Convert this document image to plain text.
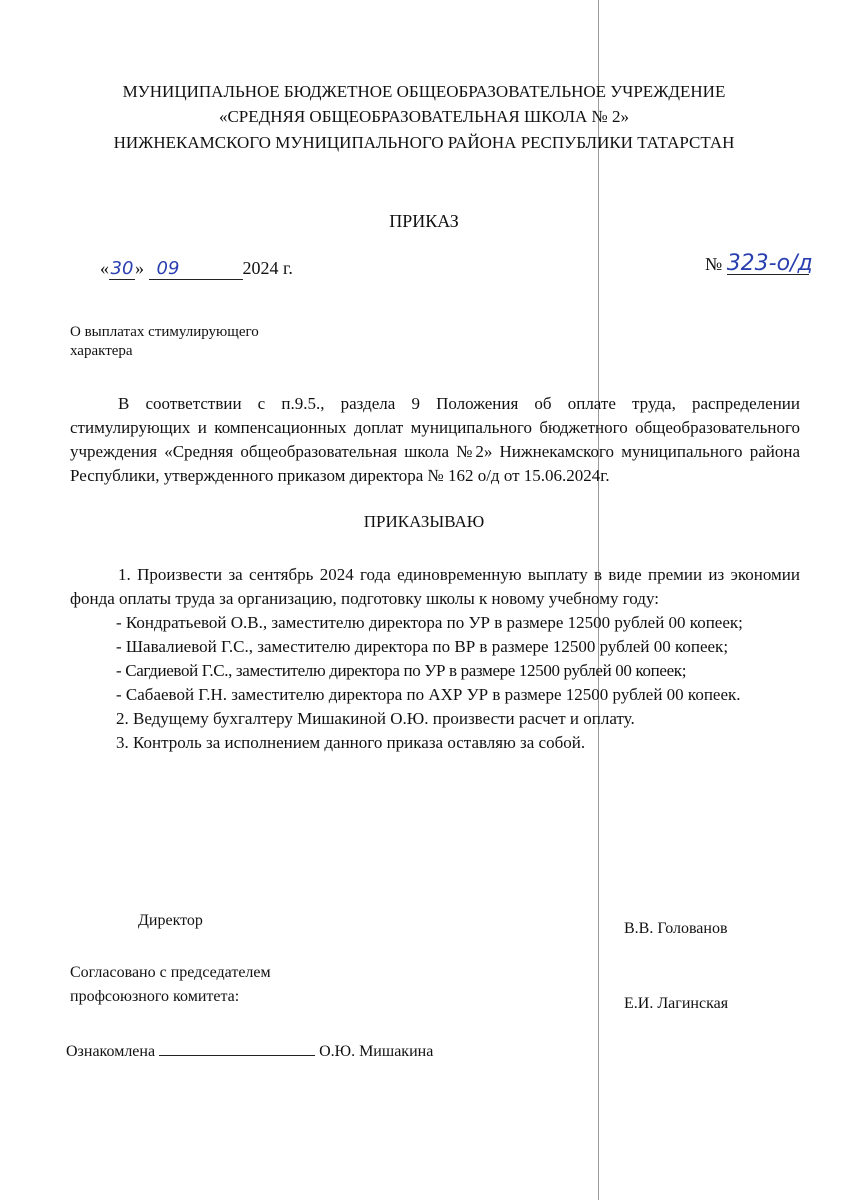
МУНИЦИПАЛЬНОЕ БЮДЖЕТНОЕ ОБЩЕОБРАЗОВАТЕЛЬНОЕ УЧРЕЖДЕНИЕ
«СРЕДНЯЯ ОБЩЕОБРАЗОВАТЕЛЬНАЯ ШКОЛА № 2»
НИЖНЕКАМСКОГО МУНИЦИПАЛЬНОГО РАЙОНА РЕСПУБЛИКИ ТАТАРСТАН
ПРИКАЗ
«30» 09	2024 г.	№ 323-о/д
О выплатах стимулирующего
характера

В соответствии с п.9.5., раздела 9 Положения об оплате труда, распределении стимулирующих и компенсационных доплат муниципального бюджетного общеобразовательного учреждения «Средняя общеобразовательная школа №2» Нижнекамского муниципального района Республики, утвержденного приказом директора № 162 о/д от 15.06.2024г.

ПРИКАЗЫВАЮ

1. Произвести за сентябрь 2024 года единовременную выплату в виде премии из экономии фонда оплаты труда за организацию, подготовку школы к новому учебному году:

- Кондратьевой О.В., заместителю директора по УР в размере 12500 рублей 00 копеек;

- Шавалиевой Г.С., заместителю директора по ВР в размере 12500 рублей 00 копеек;

- Сагдиевой Г.С., заместителю директора по УР в размере 12500 рублей 00 копеек;

- Сабаевой Г.Н. заместителю директора по АХР УР в размере 12500 рублей 00 копеек.

2. Ведущему бухгалтеру Мишакиной О.Ю. произвести расчет и оплату.

3. Контроль за исполнением данного приказа оставляю за собой.

Директор	В.В. Голованов
Согласовано с председателем
профсоюзного комитета:	Е.И. Лагинская
Ознакомлена	О.Ю. Мишакина
